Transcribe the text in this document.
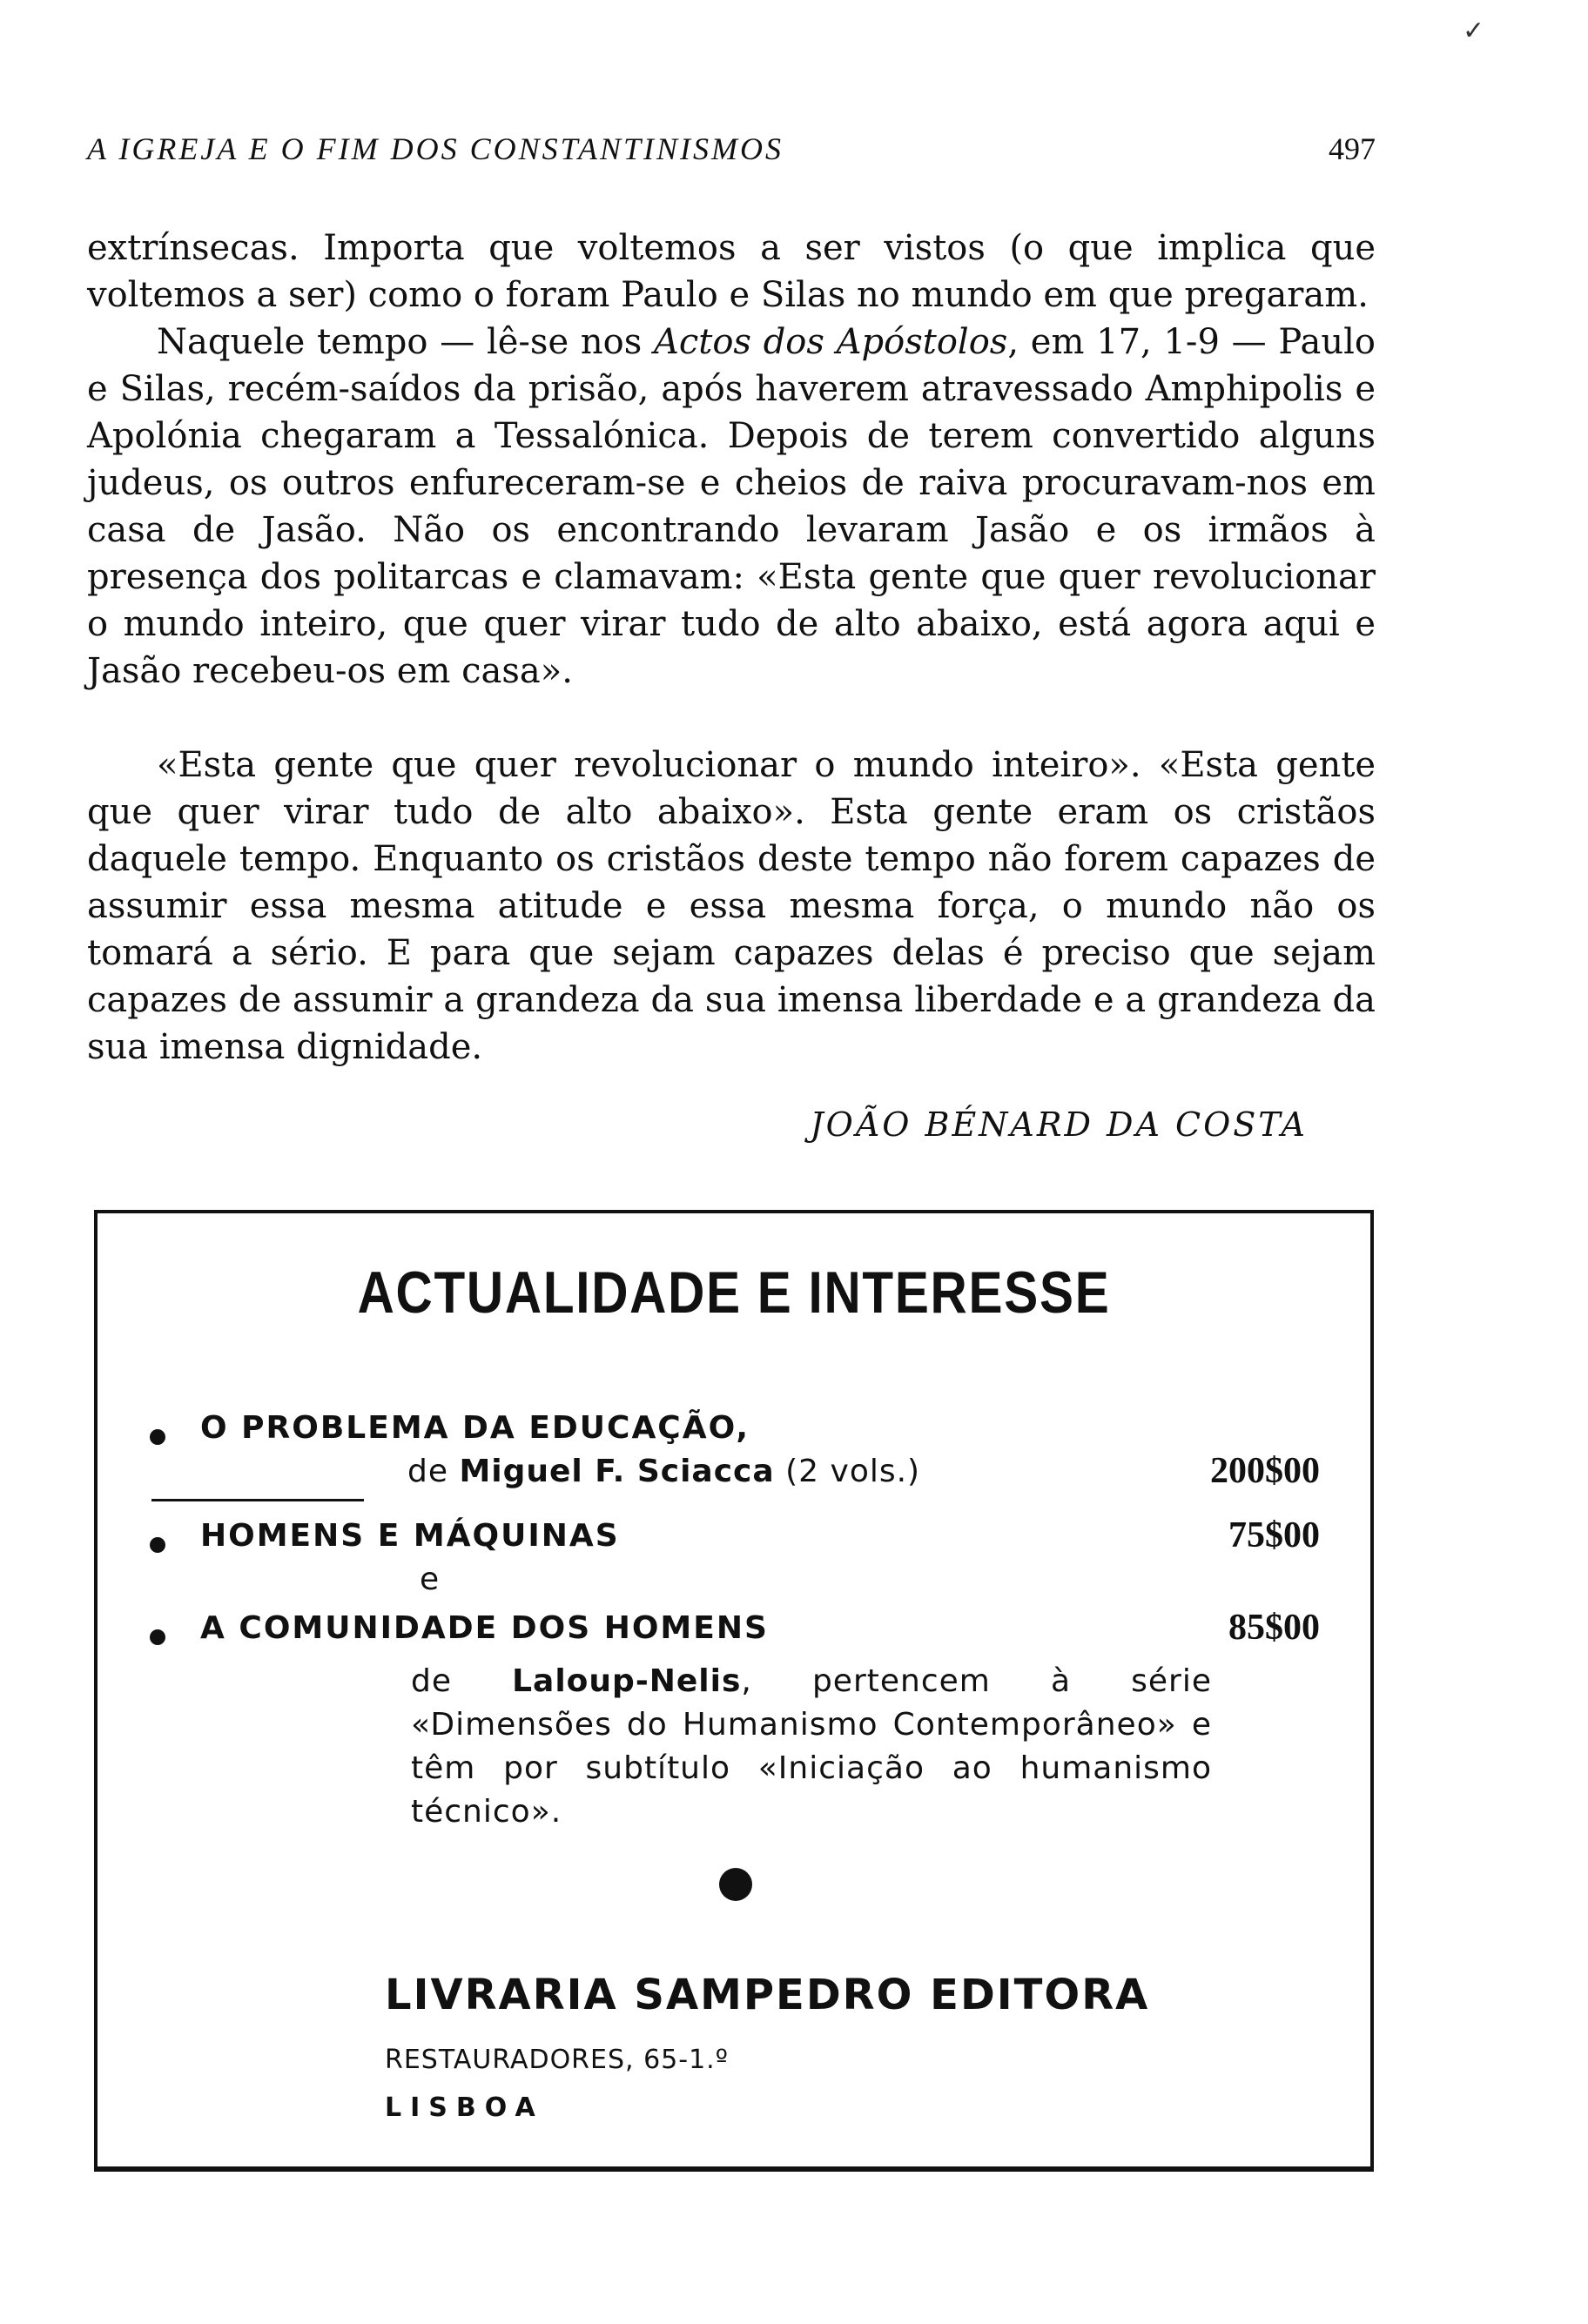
✓
A IGREJA E O FIM DOS CONSTANTINISMOS	497

extrínsecas. Importa que voltemos a ser vistos (o que implica que voltemos a ser) como o foram Paulo e Silas no mundo em que pregaram.

Naquele tempo — lê-se nos Actos dos Apóstolos, em 17, 1-9 — Paulo e Silas, recém-saídos da prisão, após haverem atravessado Amphipolis e Apolónia chegaram a Tessalónica. Depois de terem convertido alguns judeus, os outros enfureceram-se e cheios de raiva procuravam-nos em casa de Jasão. Não os encontrando levaram Jasão e os irmãos à presença dos politarcas e clamavam: «Esta gente que quer revolucionar o mundo inteiro, que quer virar tudo de alto abaixo, está agora aqui e Jasão recebeu-os em casa».

«Esta gente que quer revolucionar o mundo inteiro». «Esta gente que quer virar tudo de alto abaixo». Esta gente eram os cristãos daquele tempo. Enquanto os cristãos deste tempo não forem capazes de assumir essa mesma atitude e essa mesma força, o mundo não os tomará a sério. E para que sejam capazes delas é preciso que sejam capazes de assumir a grandeza da sua imensa liberdade e a grandeza da sua imensa dignidade.

JOÃO BÉNARD DA COSTA
ACTUALIDADE E INTERESSE
O PROBLEMA DA EDUCAÇÃO,
de Miguel F. Sciacca (2 vols.)	200$00
HOMENS E MÁQUINAS	75$00
e
A COMUNIDADE DOS HOMENS	85$00
de Laloup-Nelis, pertencem à série «Dimensões do Humanismo Contemporâneo» e têm por subtítulo «Iniciação ao humanismo técnico».
LIVRARIA SAMPEDRO EDITORA
RESTAURADORES, 65-1.º
LISBOA
